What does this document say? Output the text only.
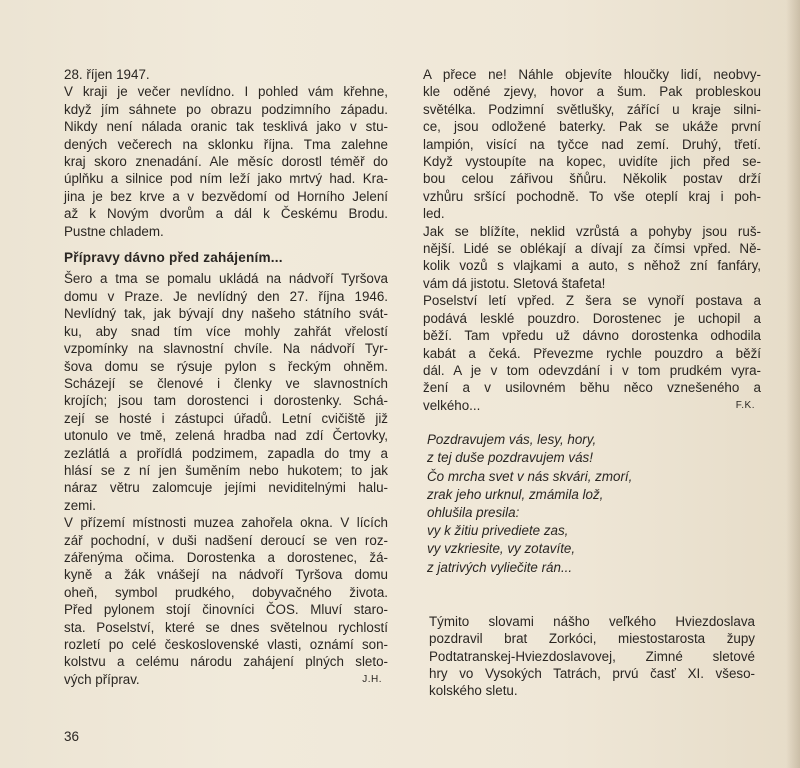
28. říjen 1947.
V kraji je večer nevlídno. I pohled vám křehne,
když jím sáhnete po obrazu podzimního západu.
Nikdy není nálada oranic tak tesklivá jako v stu-
dených večerech na sklonku října. Tma zalehne
kraj skoro znenadání. Ale měsíc dorostl téměř do
úplňku a silnice pod ním leží jako mrtvý had. Kra-
jina je bez krve a v bezvědomí od Horního Jelení
až k Novým dvorům a dál k Českému Brodu.
Pustne chladem.
Přípravy dávno před zahájením...
Šero a tma se pomalu ukládá na nádvoří Tyršova
domu v Praze. Je nevlídný den 27. října 1946.
Nevlídný tak, jak bývají dny našeho státního svát-
ku, aby snad tím více mohly zahřát vřelostí
vzpomínky na slavnostní chvíle. Na nádvoří Tyr-
šova domu se rýsuje pylon s řeckým ohněm.
Scházejí se členové i členky ve slavnostních
krojích; jsou tam dorostenci i dorostenky. Schá-
zejí se hosté i zástupci úřadů. Letní cvičiště již
utonulo ve tmě, zelená hradba nad zdí Čertovky,
zezlátlá a prořídlá podzimem, zapadla do tmy a
hlásí se z ní jen šuměním nebo hukotem; to jak
náraz větru zalomcuje jejími neviditelnými halu-
zemi.
V přízemí místnosti muzea zahořela okna. V lících
zář pochodní, v duši nadšení deroucí se ven roz-
zářenýma očima. Dorostenka a dorostenec, žá-
kyně a žák vnášejí na nádvoří Tyršova domu
oheň, symbol prudkého, dobyvačného života.
Před pylonem stojí činovníci ČOS. Mluví staro-
sta. Poselství, které se dnes světelnou rychlostí
rozletí po celé československé vlasti, oznámí son-
kolstvu a celému národu zahájení plných sleto-
vých příprav.	J.H.
A přece ne! Náhle objevíte hloučky lidí, neobvy-
kle oděné zjevy, hovor a šum. Pak probleskou
světélka. Podzimní světlušky, zářící u kraje silni-
ce, jsou odložené baterky. Pak se ukáže první
lampión, visící na tyčce nad zemí. Druhý, třetí.
Když vystoupíte na kopec, uvidíte jich před se-
bou celou zářivou šňůru. Několik postav drží
vzhůru sršící pochodně. To vše oteplí kraj i poh-
led.
Jak se blížíte, neklid vzrůstá a pohyby jsou ruš-
nější. Lidé se oblékají a dívají za čímsi vpřed. Ně-
kolik vozů s vlajkami a auto, s něhož zní fanfáry,
vám dá jistotu. Sletová štafeta!
Poselství letí vpřed. Z šera se vynoří postava a
podává lesklé pouzdro. Dorostenec je uchopil a
běží. Tam vpředu už dávno dorostenka odhodila
kabát a čeká. Převezme rychle pouzdro a běží
dál. A je v tom odevzdání i v tom prudkém vyra-
žení a v usilovném běhu něco vznešeného a
velkého...	F.K.
Pozdravujem vás, lesy, hory,
z tej duše pozdravujem vás!
Čo mrcha svet v nás skvári, zmorí,
zrak jeho urknul, zmámila lož,
ohlušila presila:
vy k žitiu privediete zas,
vy vzkriesite, vy zotavíte,
z jatrivých vyliečite rán...
Týmito slovami nášho veľkého Hviezdoslava
pozdravil brat Zorkóci, miestostarosta župy
Podtatranskej-Hviezdoslavovej, Zimné sletové
hry vo Vysokých Tatrách, prvú časť XI. všeso-
kolského sletu.
36
